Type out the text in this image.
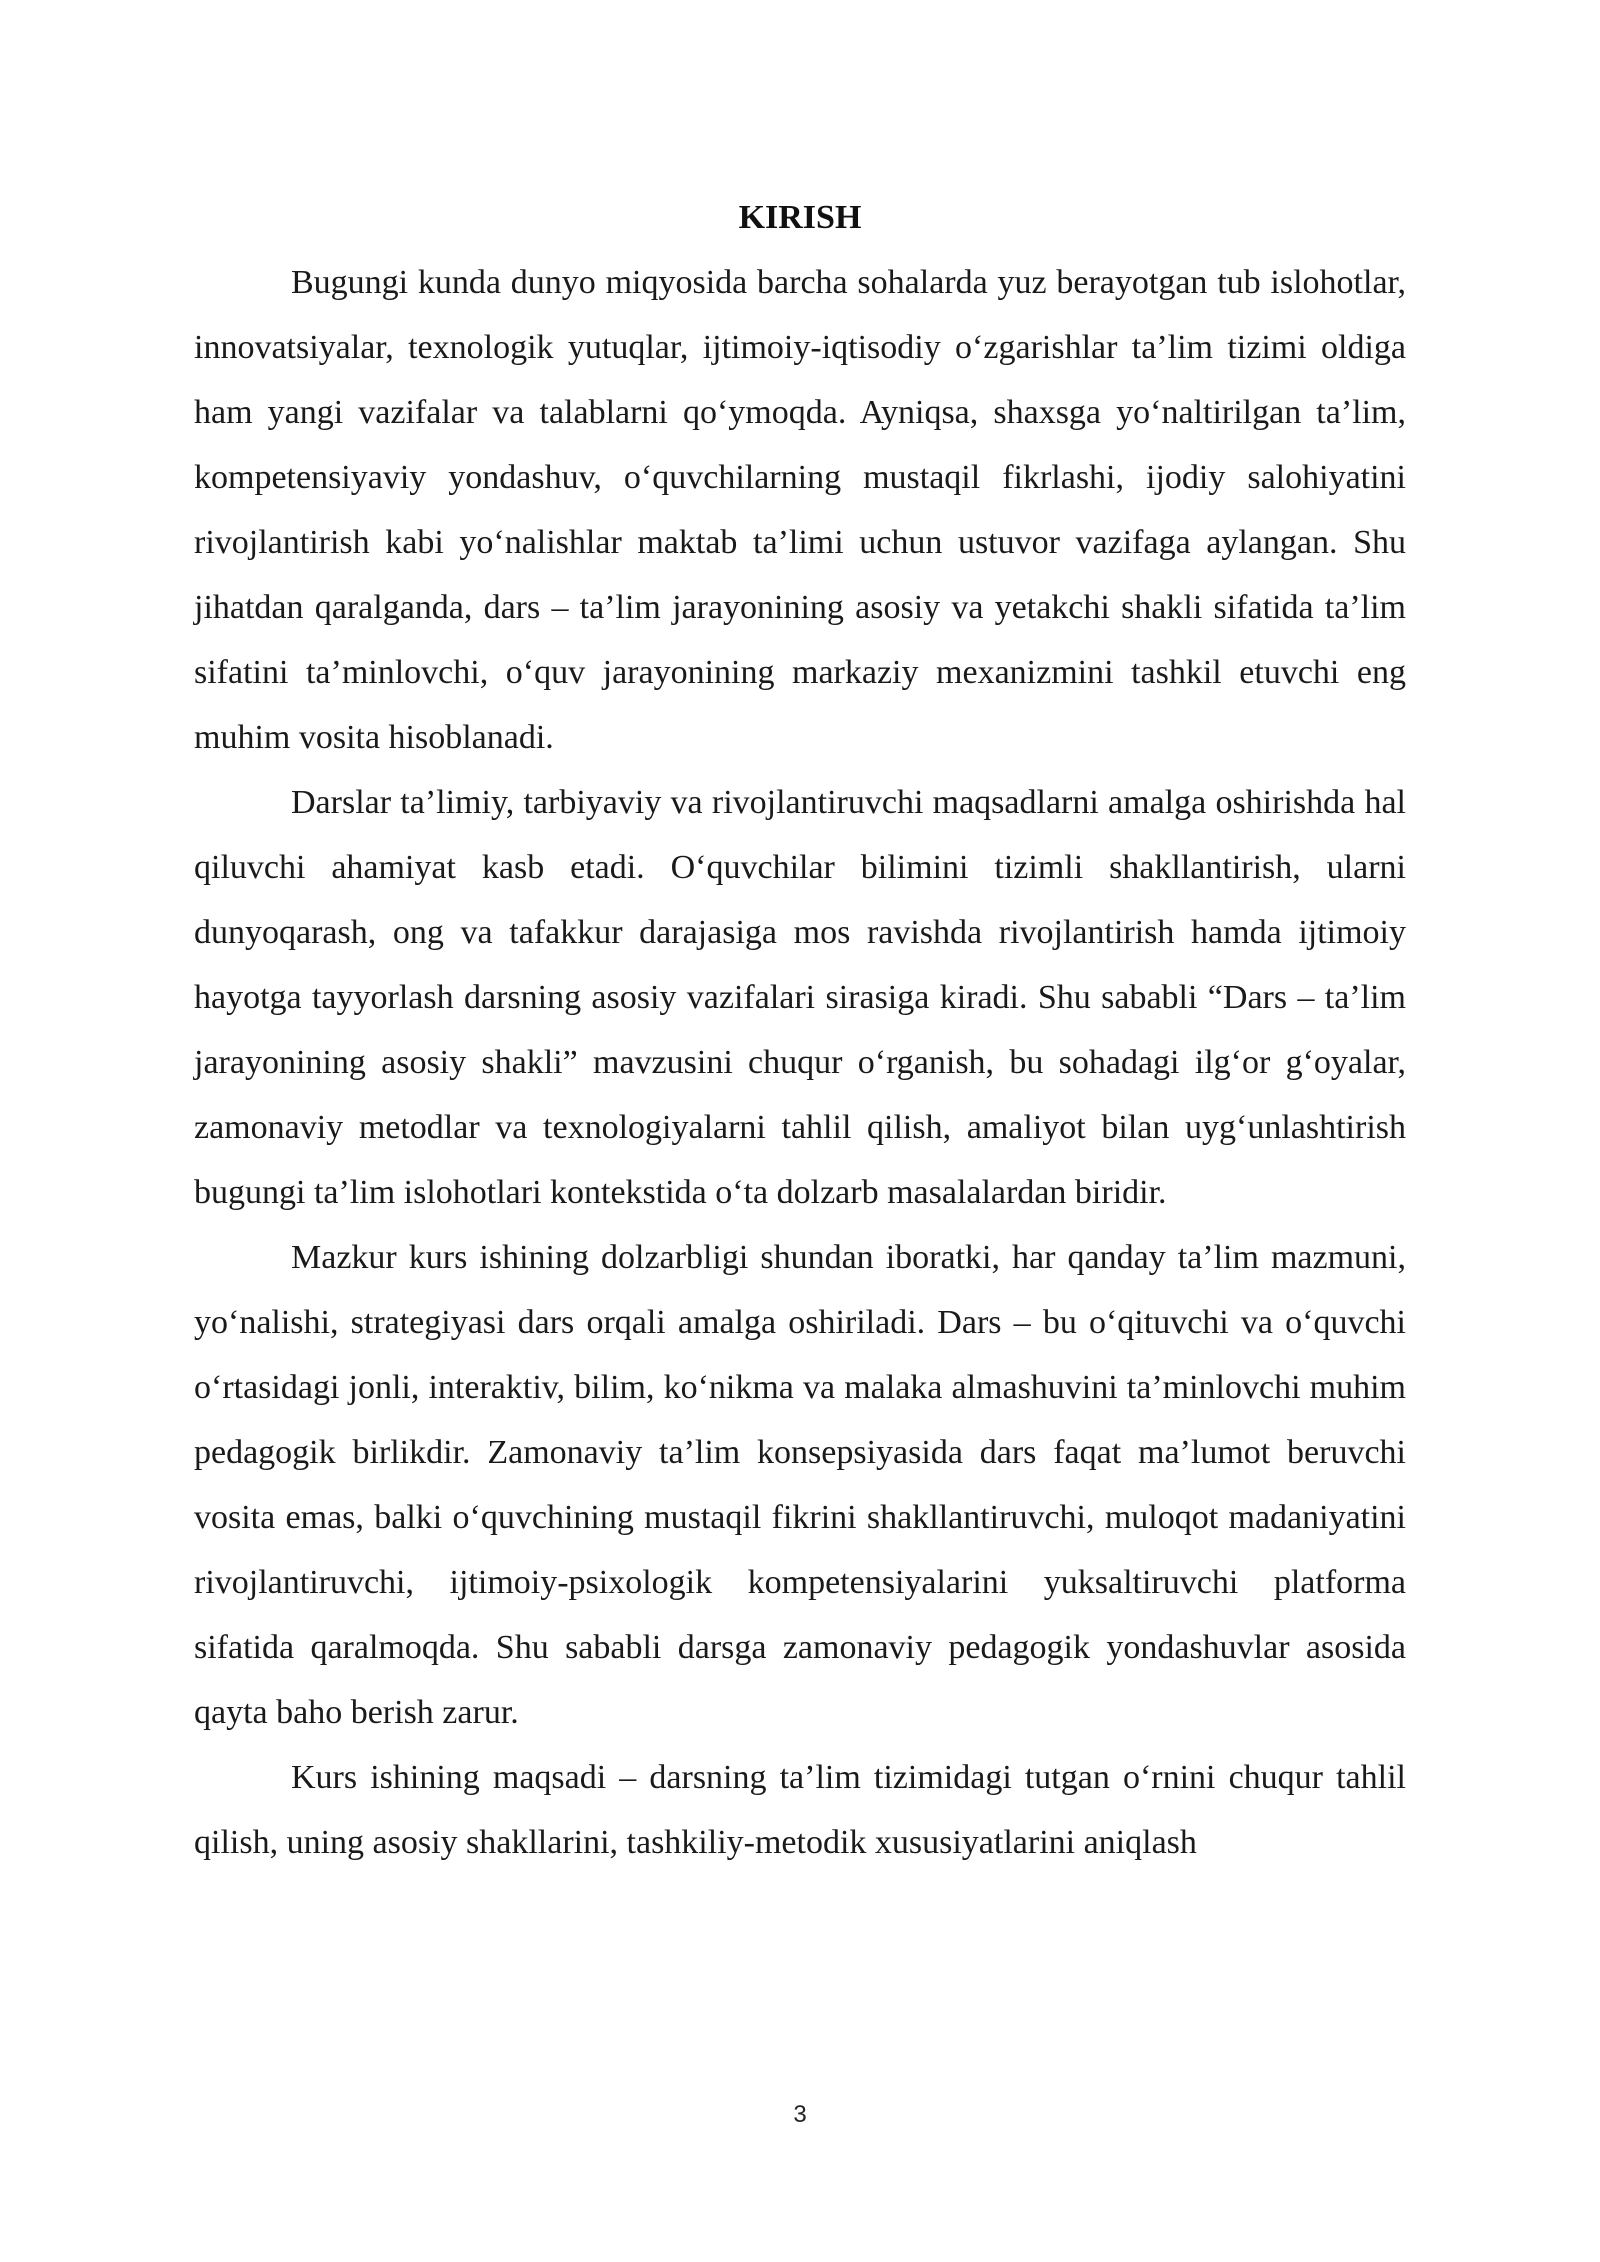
KIRISH

Bugungi kunda dunyo miqyosida barcha sohalarda yuz berayotgan tub islohotlar, innovatsiyalar, texnologik yutuqlar, ijtimoiy-iqtisodiy o‘zgarishlar ta’lim tizimi oldiga ham yangi vazifalar va talablarni qo‘ymoqda. Ayniqsa, shaxsga yo‘naltirilgan ta’lim, kompetensiyaviy yondashuv, o‘quvchilarning mustaqil fikrlashi, ijodiy salohiyatini rivojlantirish kabi yo‘nalishlar maktab ta’limi uchun ustuvor vazifaga aylangan. Shu jihatdan qaralganda, dars – ta’lim jarayonining asosiy va yetakchi shakli sifatida ta’lim sifatini ta’minlovchi, o‘quv jarayonining markaziy mexanizmini tashkil etuvchi eng muhim vosita hisoblanadi.

Darslar ta’limiy, tarbiyaviy va rivojlantiruvchi maqsadlarni amalga oshirishda hal qiluvchi ahamiyat kasb etadi. O‘quvchilar bilimini tizimli shakllantirish, ularni dunyoqarash, ong va tafakkur darajasiga mos ravishda rivojlantirish hamda ijtimoiy hayotga tayyorlash darsning asosiy vazifalari sirasiga kiradi. Shu sababli “Dars – ta’lim jarayonining asosiy shakli” mavzusini chuqur o‘rganish, bu sohadagi ilg‘or g‘oyalar, zamonaviy metodlar va texnologiyalarni tahlil qilish, amaliyot bilan uyg‘unlashtirish bugungi ta’lim islohotlari kontekstida o‘ta dolzarb masalalardan biridir.

Mazkur kurs ishining dolzarbligi shundan iboratki, har qanday ta’lim mazmuni, yo‘nalishi, strategiyasi dars orqali amalga oshiriladi. Dars – bu o‘qituvchi va o‘quvchi o‘rtasidagi jonli, interaktiv, bilim, ko‘nikma va malaka almashuvini ta’minlovchi muhim pedagogik birlikdir. Zamonaviy ta’lim konsepsiyasida dars faqat ma’lumot beruvchi vosita emas, balki o‘quvchining mustaqil fikrini shakllantiruvchi, muloqot madaniyatini rivojlantiruvchi, ijtimoiy-psixologik kompetensiyalarini yuksaltiruvchi platforma sifatida qaralmoqda. Shu sababli darsga zamonaviy pedagogik yondashuvlar asosida qayta baho berish zarur.

Kurs ishining maqsadi – darsning ta’lim tizimidagi tutgan o‘rnini chuqur tahlil qilish, uning asosiy shakllarini, tashkiliy-metodik xususiyatlarini aniqlash

3
